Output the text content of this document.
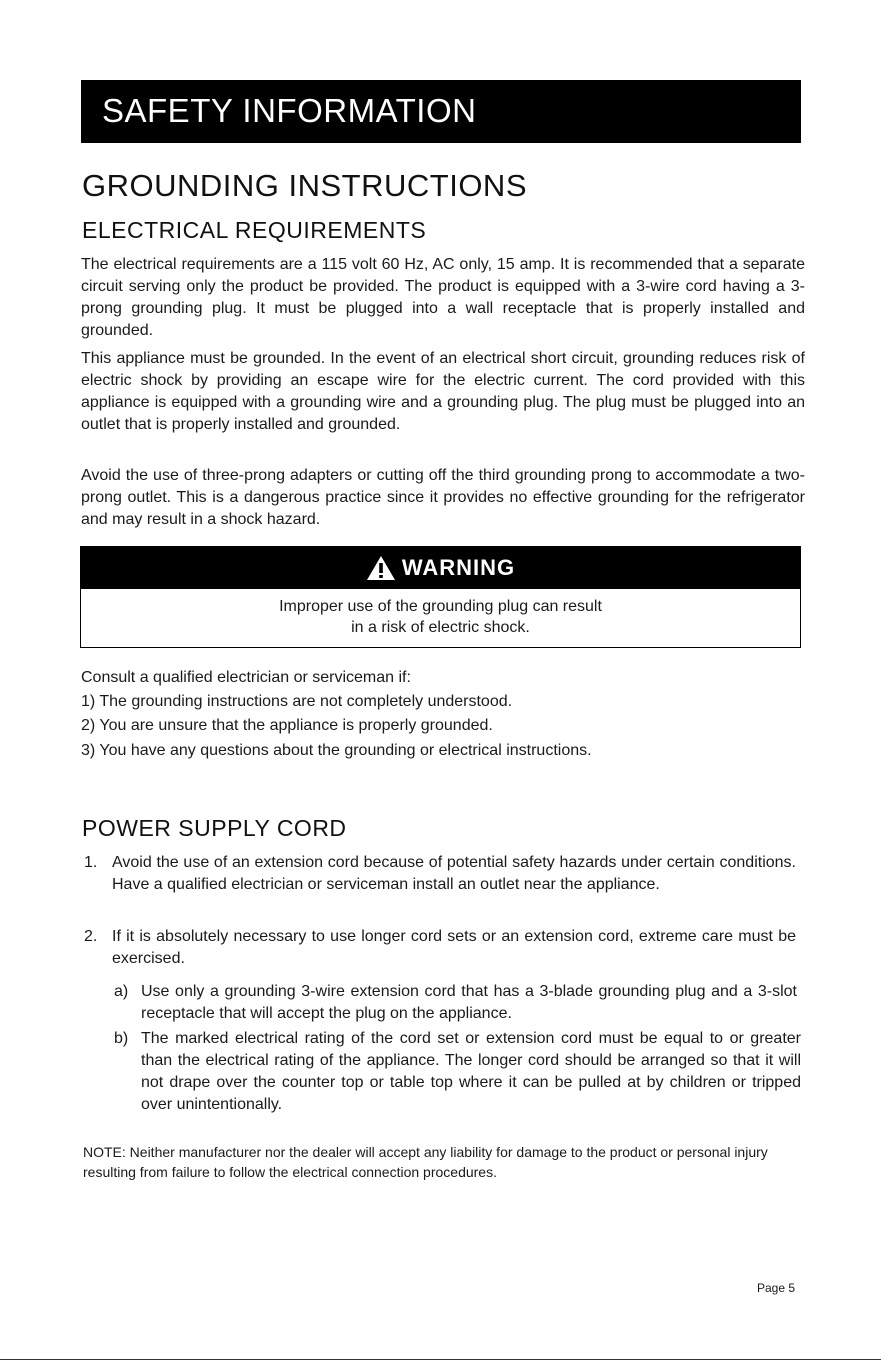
SAFETY INFORMATION
GROUNDING INSTRUCTIONS
ELECTRICAL REQUIREMENTS

The electrical requirements are a 115 volt 60 Hz, AC only, 15 amp. It is recommended that a separate circuit serving only the product be provided. The product is equipped with a 3-wire cord having a 3-prong grounding plug. It must be plugged into a wall receptacle that is properly installed and grounded.

This appliance must be grounded. In the event of an electrical short circuit, grounding reduces risk of electric shock by providing an escape wire for the electric current. The cord provided with this appliance is equipped with a grounding wire and a grounding plug. The plug must be plugged into an outlet that is properly installed and grounded.

Avoid the use of three-prong adapters or cutting off the third grounding prong to accommodate a two-prong outlet. This is a dangerous practice since it provides no effective grounding for the refrigerator and may result in a shock hazard.

WARNING

Improper use of the grounding plug can result
in a risk of electric shock.

Consult a qualified electrician or serviceman if:
1) The grounding instructions are not completely understood.
2) You are unsure that the appliance is properly grounded.
3) You have any questions about the grounding or electrical instructions.
POWER SUPPLY CORD
1. Avoid the use of an extension cord because of potential safety hazards under certain conditions. Have a qualified electrician or serviceman install an outlet near the appliance.

2. If it is absolutely necessary to use longer cord sets or an extension cord, extreme care must be exercised.

a) Use only a grounding 3-wire extension cord that has a 3-blade grounding plug and a 3-slot receptacle that will accept the plug on the appliance.

b) The marked electrical rating of the cord set or extension cord must be equal to or greater than the electrical rating of the appliance. The longer cord should be arranged so that it will not drape over the counter top or table top where it can be pulled at by children or tripped over unintentionally.

NOTE: Neither manufacturer nor the dealer will accept any liability for damage to the product or personal injury resulting from failure to follow the electrical connection procedures.

Page 5
